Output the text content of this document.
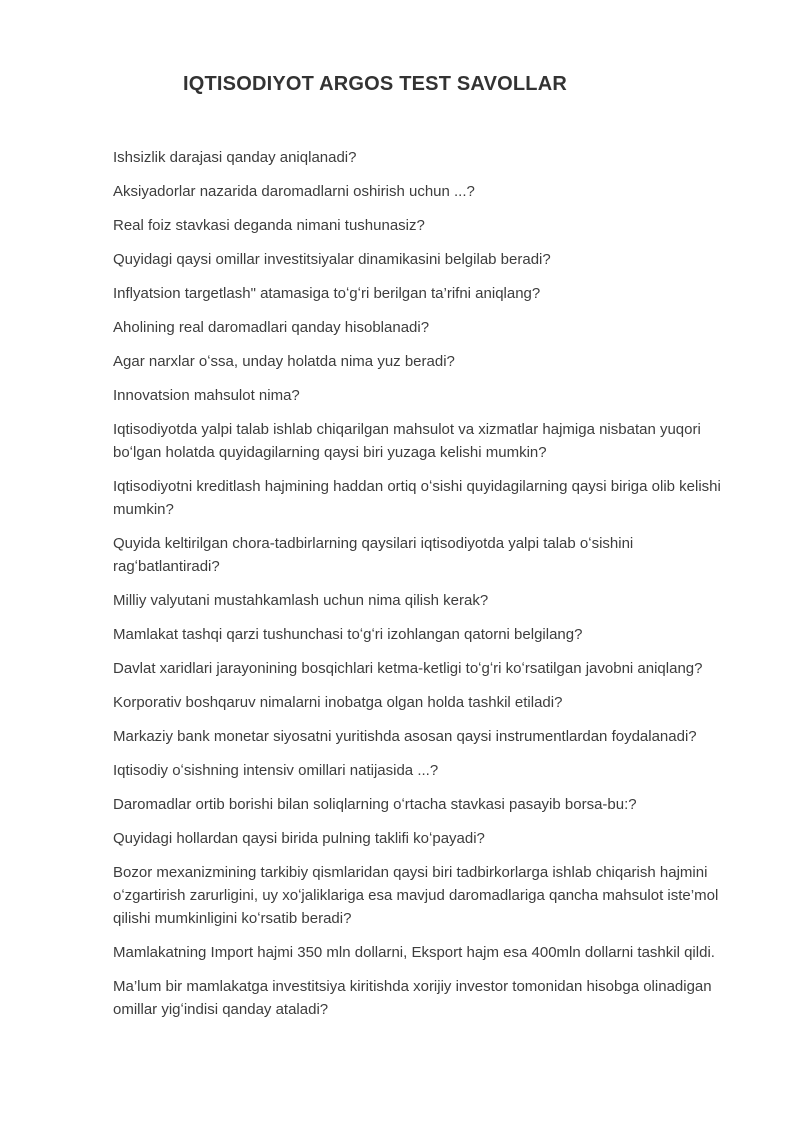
IQTISODIYOT ARGOS TEST SAVOLLAR

Ishsizlik darajasi qanday aniqlanadi?

Aksiyadorlar nazarida daromadlarni oshirish uchun ...?

Real foiz stavkasi deganda nimani tushunasiz?

Quyidagi qaysi omillar investitsiyalar dinamikasini belgilab beradi?

Inflyatsion targetlash" atamasiga toʻgʻri berilgan ta’rifni aniqlang?

Aholining real daromadlari qanday hisoblanadi?

Agar narxlar oʻssa, unday holatda nima yuz beradi?

Innovatsion mahsulot nima?

Iqtisodiyotda yalpi talab ishlab chiqarilgan mahsulot va xizmatlar hajmiga nisbatan yuqori boʻlgan holatda quyidagilarning qaysi biri yuzaga kelishi mumkin?

Iqtisodiyotni kreditlash hajmining haddan ortiq oʻsishi quyidagilarning qaysi biriga olib kelishi mumkin?

Quyida keltirilgan chora-tadbirlarning qaysilari iqtisodiyotda yalpi talab oʻsishini ragʻbatlantiradi?

Milliy valyutani mustahkamlash uchun nima qilish kerak?

Mamlakat tashqi qarzi tushunchasi toʻgʻri izohlangan qatorni belgilang?

Davlat xaridlari jarayonining bosqichlari ketma-ketligi toʻgʻri koʻrsatilgan javobni aniqlang?

Korporativ boshqaruv nimalarni inobatga olgan holda tashkil etiladi?

Markaziy bank monetar siyosatni yuritishda asosan qaysi instrumentlardan foydalanadi?

Iqtisodiy oʻsishning intensiv omillari natijasida ...?

Daromadlar ortib borishi bilan soliqlarning oʻrtacha stavkasi pasayib borsa-bu:?

Quyidagi hollardan qaysi birida pulning taklifi koʻpayadi?

Bozor mexanizmining tarkibiy qismlaridan qaysi biri tadbirkorlarga ishlab chiqarish hajmini oʻzgartirish zarurligini, uy xoʻjaliklariga esa mavjud daromadlariga qancha mahsulot iste’mol qilishi mumkinligini koʻrsatib beradi?

Mamlakatning Import hajmi 350 mln dollarni, Eksport hajm esa 400mln dollarni tashkil qildi.

Ma’lum bir mamlakatga investitsiya kiritishda xorijiy investor tomonidan hisobga olinadigan omillar yigʻindisi qanday ataladi?
